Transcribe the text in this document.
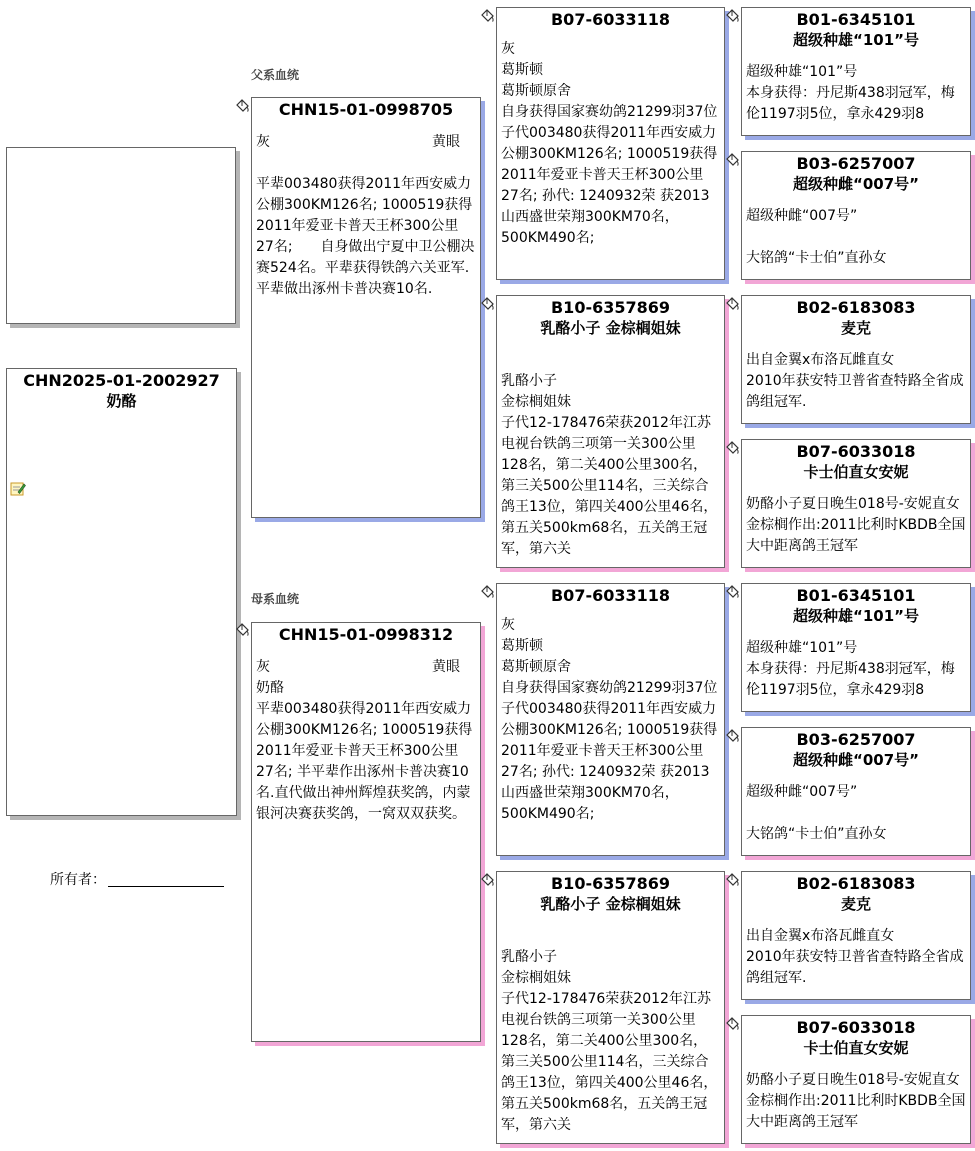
CHN2025-01-2002927
奶酪
所有者：
父系血统
母系血统
CHN15-01-0998705
灰	黄眼
平辈003480获得2011年西安威力公棚300KM126名; 1000519获得2011年爱亚卡普天王杯300公里27名;　　自身做出宁夏中卫公棚决赛524名。平辈获得铁鸽六关亚军. 平辈做出涿州卡普决赛10名.
CHN15-01-0998312
灰	黄眼
奶酪
平辈003480获得2011年西安威力公棚300KM126名; 1000519获得2011年爱亚卡普天王杯300公里27名; 半平辈作出涿州卡普决赛10名.直代做出神州辉煌获奖鸽，内蒙银河决赛获奖鸽，一窝双双获奖。
B07-6033118
灰
葛斯顿
葛斯顿原舍
自身获得国家赛幼鸽21299羽37位
子代003480获得2011年西安威力公棚300KM126名; 1000519获得2011年爱亚卡普天王杯300公里27名; 孙代: 1240932荣 获2013山西盛世荣翔300KM70名，500KM490名;
B10-6357869
乳酪小子 金棕榈姐妹
乳酪小子
金棕榈姐妹
子代12-178476荣获2012年江苏电视台铁鸽三项第一关300公里128名，第二关400公里300名，第三关500公里114名，三关综合鸽王13位，第四关400公里46名，第五关500km68名，五关鸽王冠军，第六关
B07-6033118
灰
葛斯顿
葛斯顿原舍
自身获得国家赛幼鸽21299羽37位
子代003480获得2011年西安威力公棚300KM126名; 1000519获得2011年爱亚卡普天王杯300公里27名; 孙代: 1240932荣 获2013山西盛世荣翔300KM70名，500KM490名;
B10-6357869
乳酪小子 金棕榈姐妹
乳酪小子
金棕榈姐妹
子代12-178476荣获2012年江苏电视台铁鸽三项第一关300公里128名，第二关400公里300名，第三关500公里114名，三关综合鸽王13位，第四关400公里46名，第五关500km68名，五关鸽王冠军，第六关
B01-6345101
超级种雄“101”号
超级种雄“101”号
本身获得：丹尼斯438羽冠军，梅伦1197羽5位，拿永429羽8
B03-6257007
超级种雌“007号”
超级种雌“007号”
大铭鸽“卡士伯”直孙女
B02-6183083
麦克
出自金翼x布洛瓦雌直女
2010年获安特卫普省查特路全省成鸽组冠军.
B07-6033018
卡士伯直女安妮
奶酪小子夏日晚生018号-安妮直女金棕榈作出:2011比利时KBDB全国大中距离鸽王冠军
B01-6345101
超级种雄“101”号
超级种雄“101”号
本身获得：丹尼斯438羽冠军，梅伦1197羽5位，拿永429羽8
B03-6257007
超级种雌“007号”
超级种雌“007号”
大铭鸽“卡士伯”直孙女
B02-6183083
麦克
出自金翼x布洛瓦雌直女
2010年获安特卫普省查特路全省成鸽组冠军.
B07-6033018
卡士伯直女安妮
奶酪小子夏日晚生018号-安妮直女金棕榈作出:2011比利时KBDB全国大中距离鸽王冠军
